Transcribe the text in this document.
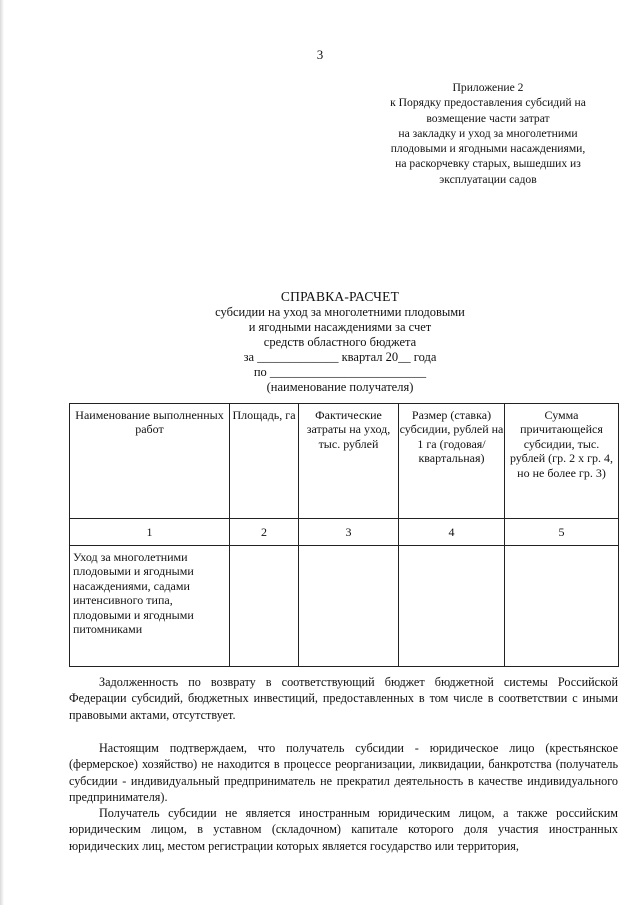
3
Приложение 2
к Порядку предоставления субсидий на
возмещение части затрат
на закладку и уход за многолетними
плодовыми и ягодными насаждениями,
на раскорчевку старых, вышедших из
эксплуатации садов
СПРАВКА-РАСЧЕТ
субсидии на уход за многолетними плодовыми
и ягодными насаждениями за счет
средств областного бюджета
за _____________ квартал 20__ года
по _________________________
(наименование получателя)
Наименование выполненных работ	Площадь, га	Фактические затраты на уход, тыс. рублей	Размер (ставка) субсидии, рублей на 1 га (годовая/ квартальная)	Сумма причитающейся субсидии, тыс. рублей (гр. 2 х гр. 4, но не более гр. 3)
1	2	3	4	5
Уход за многолетними плодовыми и ягодными насаждениями, садами интенсивного типа, плодовыми и ягодными питомниками				
Задолженность по возврату в соответствующий бюджет бюджетной системы Российской Федерации субсидий, бюджетных инвестиций, предоставленных в том числе в соответствии с иными правовыми актами, отсутствует.
Настоящим подтверждаем, что получатель субсидии - юридическое лицо (крестьянское (фермерское) хозяйство) не находится в процессе реорганизации, ликвидации, банкротства (получатель субсидии - индивидуальный предприниматель не прекратил деятельность в качестве индивидуального предпринимателя).
Получатель субсидии не является иностранным юридическим лицом, а также российским юридическим лицом, в уставном (складочном) капитале которого доля участия иностранных юридических лиц, местом регистрации которых является государство или территория,
